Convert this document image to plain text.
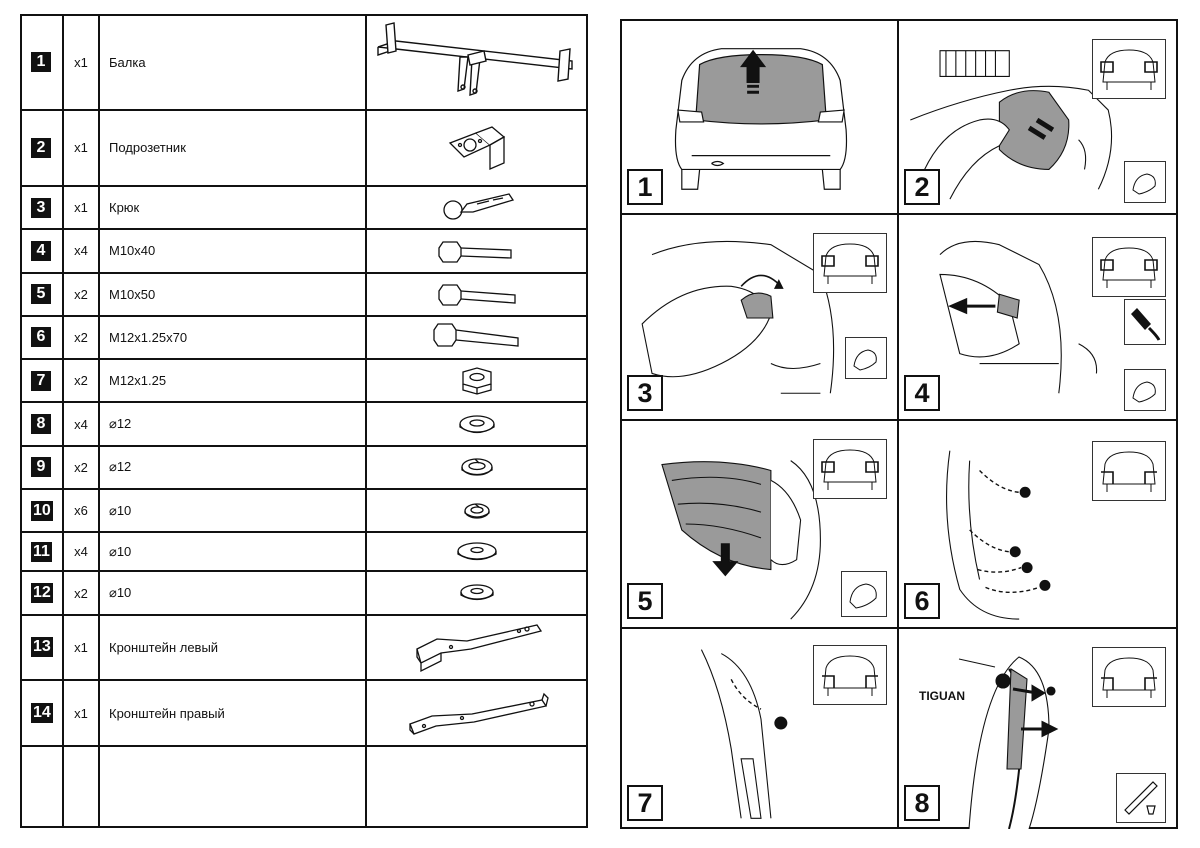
1	x1	Балка	

2	x1	Подрозетник	

3	x1	Крюк	

4	x4	M10x40	

5	x2	M10x50	

6	x2	M12x1.25x70	

7	x2	M12x1.25	

8	x4	⌀12	

9	x2	⌀12	

10	x6	⌀10	

11	x4	⌀10	

12	x2	⌀10	

13	x1	Кронштейн левый	

14	x1	Кронштейн правый	

1	2
3	4
5	6
7
TIGUAN
8
